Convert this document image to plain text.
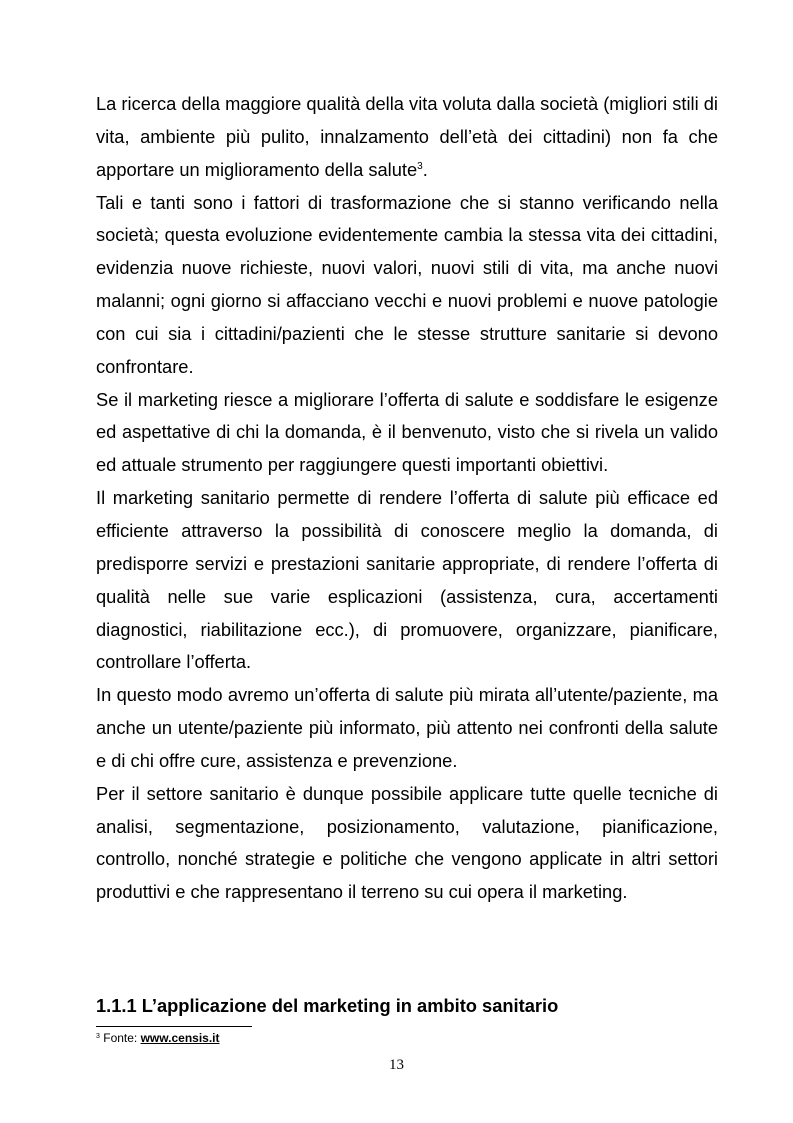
La ricerca della maggiore qualità della vita voluta dalla società (migliori stili di vita, ambiente più pulito, innalzamento dell’età dei cittadini) non fa che apportare un miglioramento della salute$^3$.

Tali e tanti sono i fattori di trasformazione che si stanno verificando nella società; questa evoluzione evidentemente cambia la stessa vita dei cittadini, evidenzia nuove richieste, nuovi valori, nuovi stili di vita, ma anche nuovi malanni; ogni giorno si affacciano vecchi e nuovi problemi e nuove patologie con cui sia i cittadini/pazienti che le stesse strutture sanitarie si devono confrontare.

Se il marketing riesce a migliorare l’offerta di salute e soddisfare le esigenze ed aspettative di chi la domanda, è il benvenuto, visto che si rivela un valido ed attuale strumento per raggiungere questi importanti obiettivi.

Il marketing sanitario permette di rendere l’offerta di salute più efficace ed efficiente attraverso la possibilità di conoscere meglio la domanda, di predisporre servizi e prestazioni sanitarie appropriate, di rendere l’offerta di qualità nelle sue varie esplicazioni (assistenza, cura, accertamenti diagnostici, riabilitazione ecc.), di promuovere, organizzare, pianificare, controllare l’offerta.

In questo modo avremo un’offerta di salute più mirata all’utente/paziente, ma anche un utente/paziente più informato, più attento nei confronti della salute e di chi offre cure, assistenza e prevenzione.

Per il settore sanitario è dunque possibile applicare tutte quelle tecniche di analisi, segmentazione, posizionamento, valutazione, pianificazione, controllo, nonché strategie e politiche che vengono applicate in altri settori produttivi e che rappresentano il terreno su cui opera il marketing.

1.1.1 L’applicazione del marketing in ambito sanitario
$^3$ Fonte: www.censis.it
13
